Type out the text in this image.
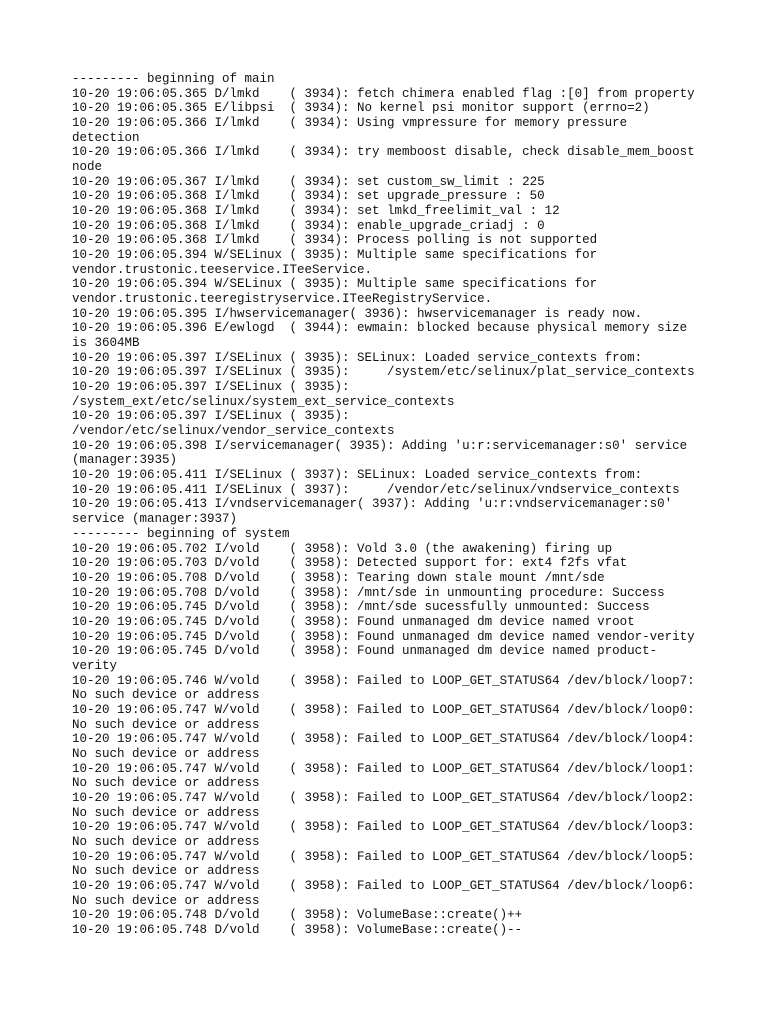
--------- beginning of main
10-20 19:06:05.365 D/lmkd    ( 3934): fetch chimera enabled flag :[0] from property
10-20 19:06:05.365 E/libpsi  ( 3934): No kernel psi monitor support (errno=2)
10-20 19:06:05.366 I/lmkd    ( 3934): Using vmpressure for memory pressure
detection
10-20 19:06:05.366 I/lmkd    ( 3934): try memboost disable, check disable_mem_boost
node
10-20 19:06:05.367 I/lmkd    ( 3934): set custom_sw_limit : 225
10-20 19:06:05.368 I/lmkd    ( 3934): set upgrade_pressure : 50
10-20 19:06:05.368 I/lmkd    ( 3934): set lmkd_freelimit_val : 12
10-20 19:06:05.368 I/lmkd    ( 3934): enable_upgrade_criadj : 0
10-20 19:06:05.368 I/lmkd    ( 3934): Process polling is not supported
10-20 19:06:05.394 W/SELinux ( 3935): Multiple same specifications for
vendor.trustonic.teeservice.ITeeService.
10-20 19:06:05.394 W/SELinux ( 3935): Multiple same specifications for
vendor.trustonic.teeregistryservice.ITeeRegistryService.
10-20 19:06:05.395 I/hwservicemanager( 3936): hwservicemanager is ready now.
10-20 19:06:05.396 E/ewlogd  ( 3944): ewmain: blocked because physical memory size
is 3604MB
10-20 19:06:05.397 I/SELinux ( 3935): SELinux: Loaded service_contexts from:
10-20 19:06:05.397 I/SELinux ( 3935):     /system/etc/selinux/plat_service_contexts
10-20 19:06:05.397 I/SELinux ( 3935):
/system_ext/etc/selinux/system_ext_service_contexts
10-20 19:06:05.397 I/SELinux ( 3935):
/vendor/etc/selinux/vendor_service_contexts
10-20 19:06:05.398 I/servicemanager( 3935): Adding 'u:r:servicemanager:s0' service
(manager:3935)
10-20 19:06:05.411 I/SELinux ( 3937): SELinux: Loaded service_contexts from:
10-20 19:06:05.411 I/SELinux ( 3937):     /vendor/etc/selinux/vndservice_contexts
10-20 19:06:05.413 I/vndservicemanager( 3937): Adding 'u:r:vndservicemanager:s0'
service (manager:3937)
--------- beginning of system
10-20 19:06:05.702 I/vold    ( 3958): Vold 3.0 (the awakening) firing up
10-20 19:06:05.703 D/vold    ( 3958): Detected support for: ext4 f2fs vfat
10-20 19:06:05.708 D/vold    ( 3958): Tearing down stale mount /mnt/sde
10-20 19:06:05.708 D/vold    ( 3958): /mnt/sde in unmounting procedure: Success
10-20 19:06:05.745 D/vold    ( 3958): /mnt/sde sucessfully unmounted: Success
10-20 19:06:05.745 D/vold    ( 3958): Found unmanaged dm device named vroot
10-20 19:06:05.745 D/vold    ( 3958): Found unmanaged dm device named vendor-verity
10-20 19:06:05.745 D/vold    ( 3958): Found unmanaged dm device named product-
verity
10-20 19:06:05.746 W/vold    ( 3958): Failed to LOOP_GET_STATUS64 /dev/block/loop7:
No such device or address
10-20 19:06:05.747 W/vold    ( 3958): Failed to LOOP_GET_STATUS64 /dev/block/loop0:
No such device or address
10-20 19:06:05.747 W/vold    ( 3958): Failed to LOOP_GET_STATUS64 /dev/block/loop4:
No such device or address
10-20 19:06:05.747 W/vold    ( 3958): Failed to LOOP_GET_STATUS64 /dev/block/loop1:
No such device or address
10-20 19:06:05.747 W/vold    ( 3958): Failed to LOOP_GET_STATUS64 /dev/block/loop2:
No such device or address
10-20 19:06:05.747 W/vold    ( 3958): Failed to LOOP_GET_STATUS64 /dev/block/loop3:
No such device or address
10-20 19:06:05.747 W/vold    ( 3958): Failed to LOOP_GET_STATUS64 /dev/block/loop5:
No such device or address
10-20 19:06:05.747 W/vold    ( 3958): Failed to LOOP_GET_STATUS64 /dev/block/loop6:
No such device or address
10-20 19:06:05.748 D/vold    ( 3958): VolumeBase::create()++
10-20 19:06:05.748 D/vold    ( 3958): VolumeBase::create()--
